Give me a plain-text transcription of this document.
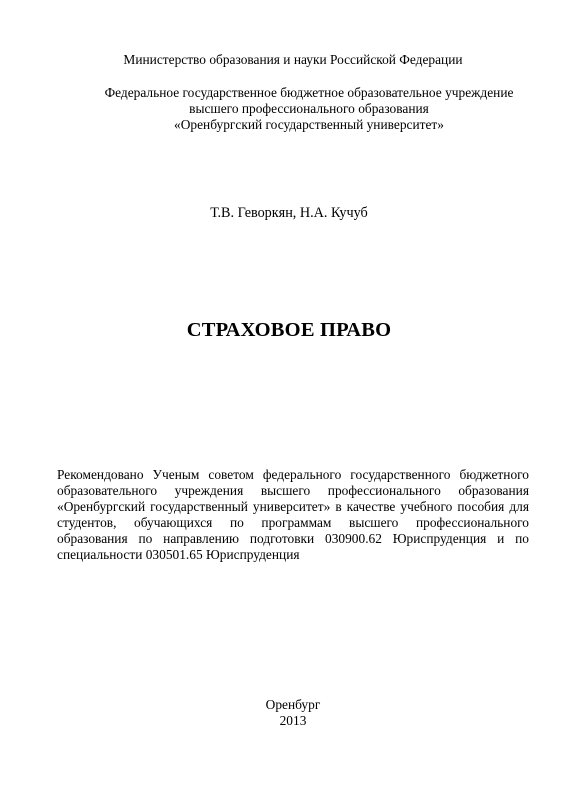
Министерство образования и науки Российской Федерации
Федеральное государственное бюджетное образовательное учреждение
высшего профессионального образования
«Оренбургский государственный университет»
Т.В. Геворкян, Н.А. Кучуб
СТРАХОВОЕ ПРАВО
Рекомендовано Ученым советом федерального государственного бюджетного
образовательного учреждения высшего профессионального образования
«Оренбургский государственный университет» в качестве учебного пособия для
студентов, обучающихся по программам высшего профессионального
образования по направлению подготовки 030900.62 Юриспруденция и по
специальности 030501.65 Юриспруденция
Оренбург
2013
